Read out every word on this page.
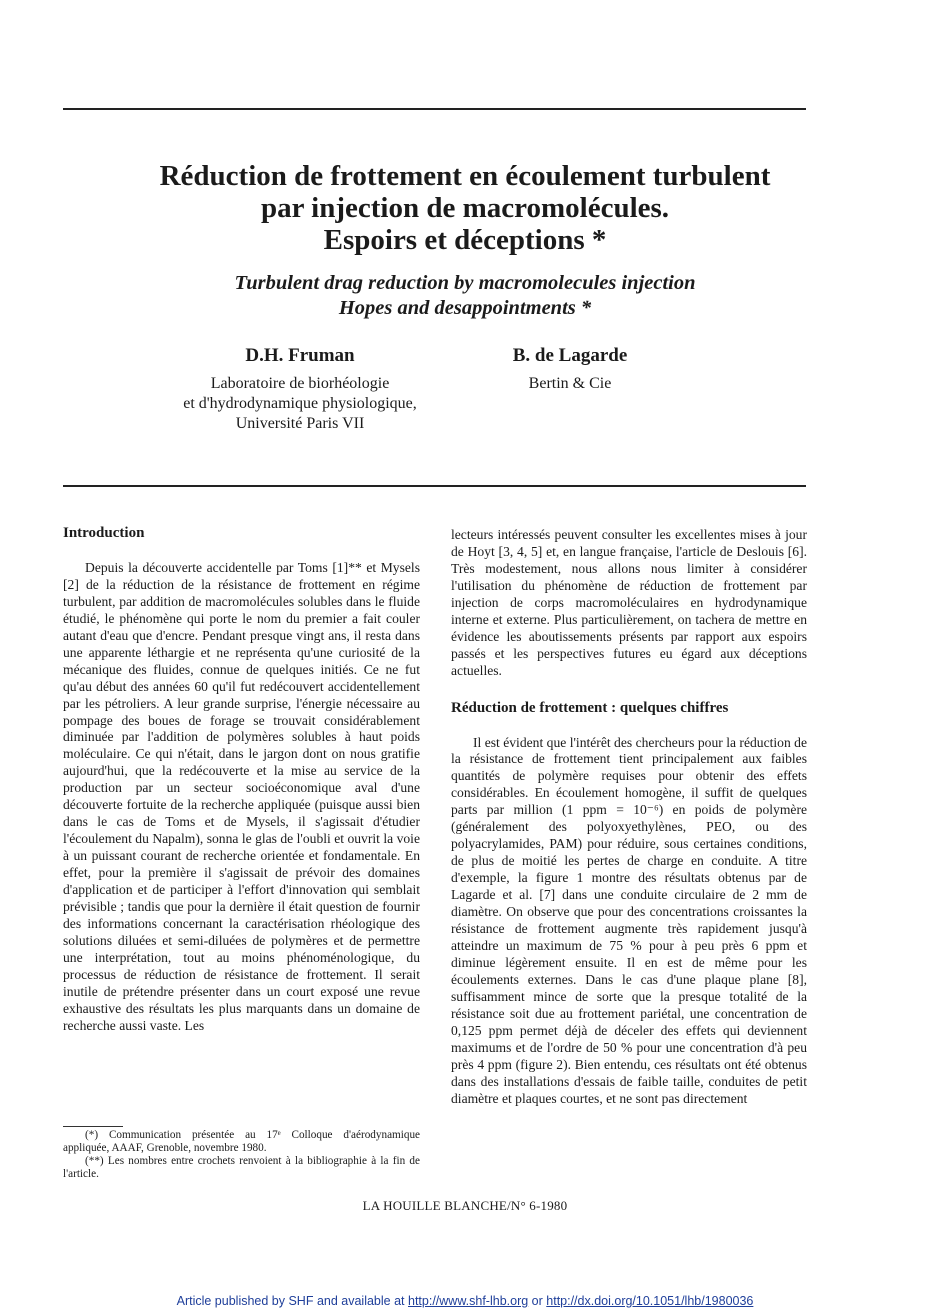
Réduction de frottement en écoulement turbulent
par injection de macromolécules.
Espoirs et déceptions *
Turbulent drag reduction by macromolecules injection
Hopes and desappointments *
D.H. Fruman
Laboratoire de biorhéologie
et d'hydrodynamique physiologique,
Université Paris VII
B. de Lagarde
Bertin & Cie
Introduction

Depuis la découverte accidentelle par Toms [1]** et Mysels [2] de la réduction de la résistance de frottement en régime turbulent, par addition de macromolécules solubles dans le fluide étudié, le phénomène qui porte le nom du premier a fait couler autant d'eau que d'encre. Pendant presque vingt ans, il resta dans une apparente léthargie et ne représenta qu'une curiosité de la mécanique des fluides, connue de quelques initiés. Ce ne fut qu'au début des années 60 qu'il fut redécouvert accidentellement par les pétroliers. A leur grande surprise, l'énergie nécessaire au pompage des boues de forage se trouvait considérablement diminuée par l'addition de polymères solubles à haut poids moléculaire. Ce qui n'était, dans le jargon dont on nous gratifie aujourd'hui, que la redécouverte et la mise au service de la production par un secteur socioéconomique aval d'une découverte fortuite de la recherche appliquée (puisque aussi bien dans le cas de Toms et de Mysels, il s'agissait d'étudier l'écoulement du Napalm), sonna le glas de l'oubli et ouvrit la voie à un puissant courant de recherche orientée et fondamentale. En effet, pour la première il s'agissait de prévoir des domaines d'application et de participer à l'effort d'innovation qui semblait prévisible ; tandis que pour la dernière il était question de fournir des informations concernant la caractérisation rhéologique des solutions diluées et semi-diluées de polymères et de permettre une interprétation, tout au moins phénoménologique, du processus de réduction de résistance de frottement. Il serait inutile de prétendre présenter dans un court exposé une revue exhaustive des résultats les plus marquants dans un domaine de recherche aussi vaste. Les

(*) Communication présentée au 17ᵉ Colloque d'aérodynamique appliquée, AAAF, Grenoble, novembre 1980.
(**) Les nombres entre crochets renvoient à la bibliographie à la fin de l'article.

lecteurs intéressés peuvent consulter les excellentes mises à jour de Hoyt [3, 4, 5] et, en langue française, l'article de Deslouis [6]. Très modestement, nous allons nous limiter à considérer l'utilisation du phénomène de réduction de frottement par injection de corps macromoléculaires en hydrodynamique interne et externe. Plus particulièrement, on tachera de mettre en évidence les aboutissements présents par rapport aux espoirs passés et les perspectives futures eu égard aux déceptions actuelles.

Réduction de frottement : quelques chiffres

Il est évident que l'intérêt des chercheurs pour la réduction de la résistance de frottement tient principalement aux faibles quantités de polymère requises pour obtenir des effets considérables. En écoulement homogène, il suffit de quelques parts par million (1 ppm = 10⁻⁶) en poids de polymère (généralement des polyoxyethylènes, PEO, ou des polyacrylamides, PAM) pour réduire, sous certaines conditions, de plus de moitié les pertes de charge en conduite. A titre d'exemple, la figure 1 montre des résultats obtenus par de Lagarde et al. [7] dans une conduite circulaire de 2 mm de diamètre. On observe que pour des concentrations croissantes la résistance de frottement augmente très rapidement jusqu'à atteindre un maximum de 75 % pour à peu près 6 ppm et diminue légèrement ensuite. Il en est de même pour les écoulements externes. Dans le cas d'une plaque plane [8], suffisamment mince de sorte que la presque totalité de la résistance soit due au frottement pariétal, une concentration de 0,125 ppm permet déjà de déceler des effets qui deviennent maximums et de l'ordre de 50 % pour une concentration d'à peu près 4 ppm (figure 2). Bien entendu, ces résultats ont été obtenus dans des installations d'essais de faible taille, conduites de petit diamètre et plaques courtes, et ne sont pas directement

LA HOUILLE BLANCHE/N° 6-1980
Article published by SHF and available at http://www.shf-lhb.org or http://dx.doi.org/10.1051/lhb/1980036
